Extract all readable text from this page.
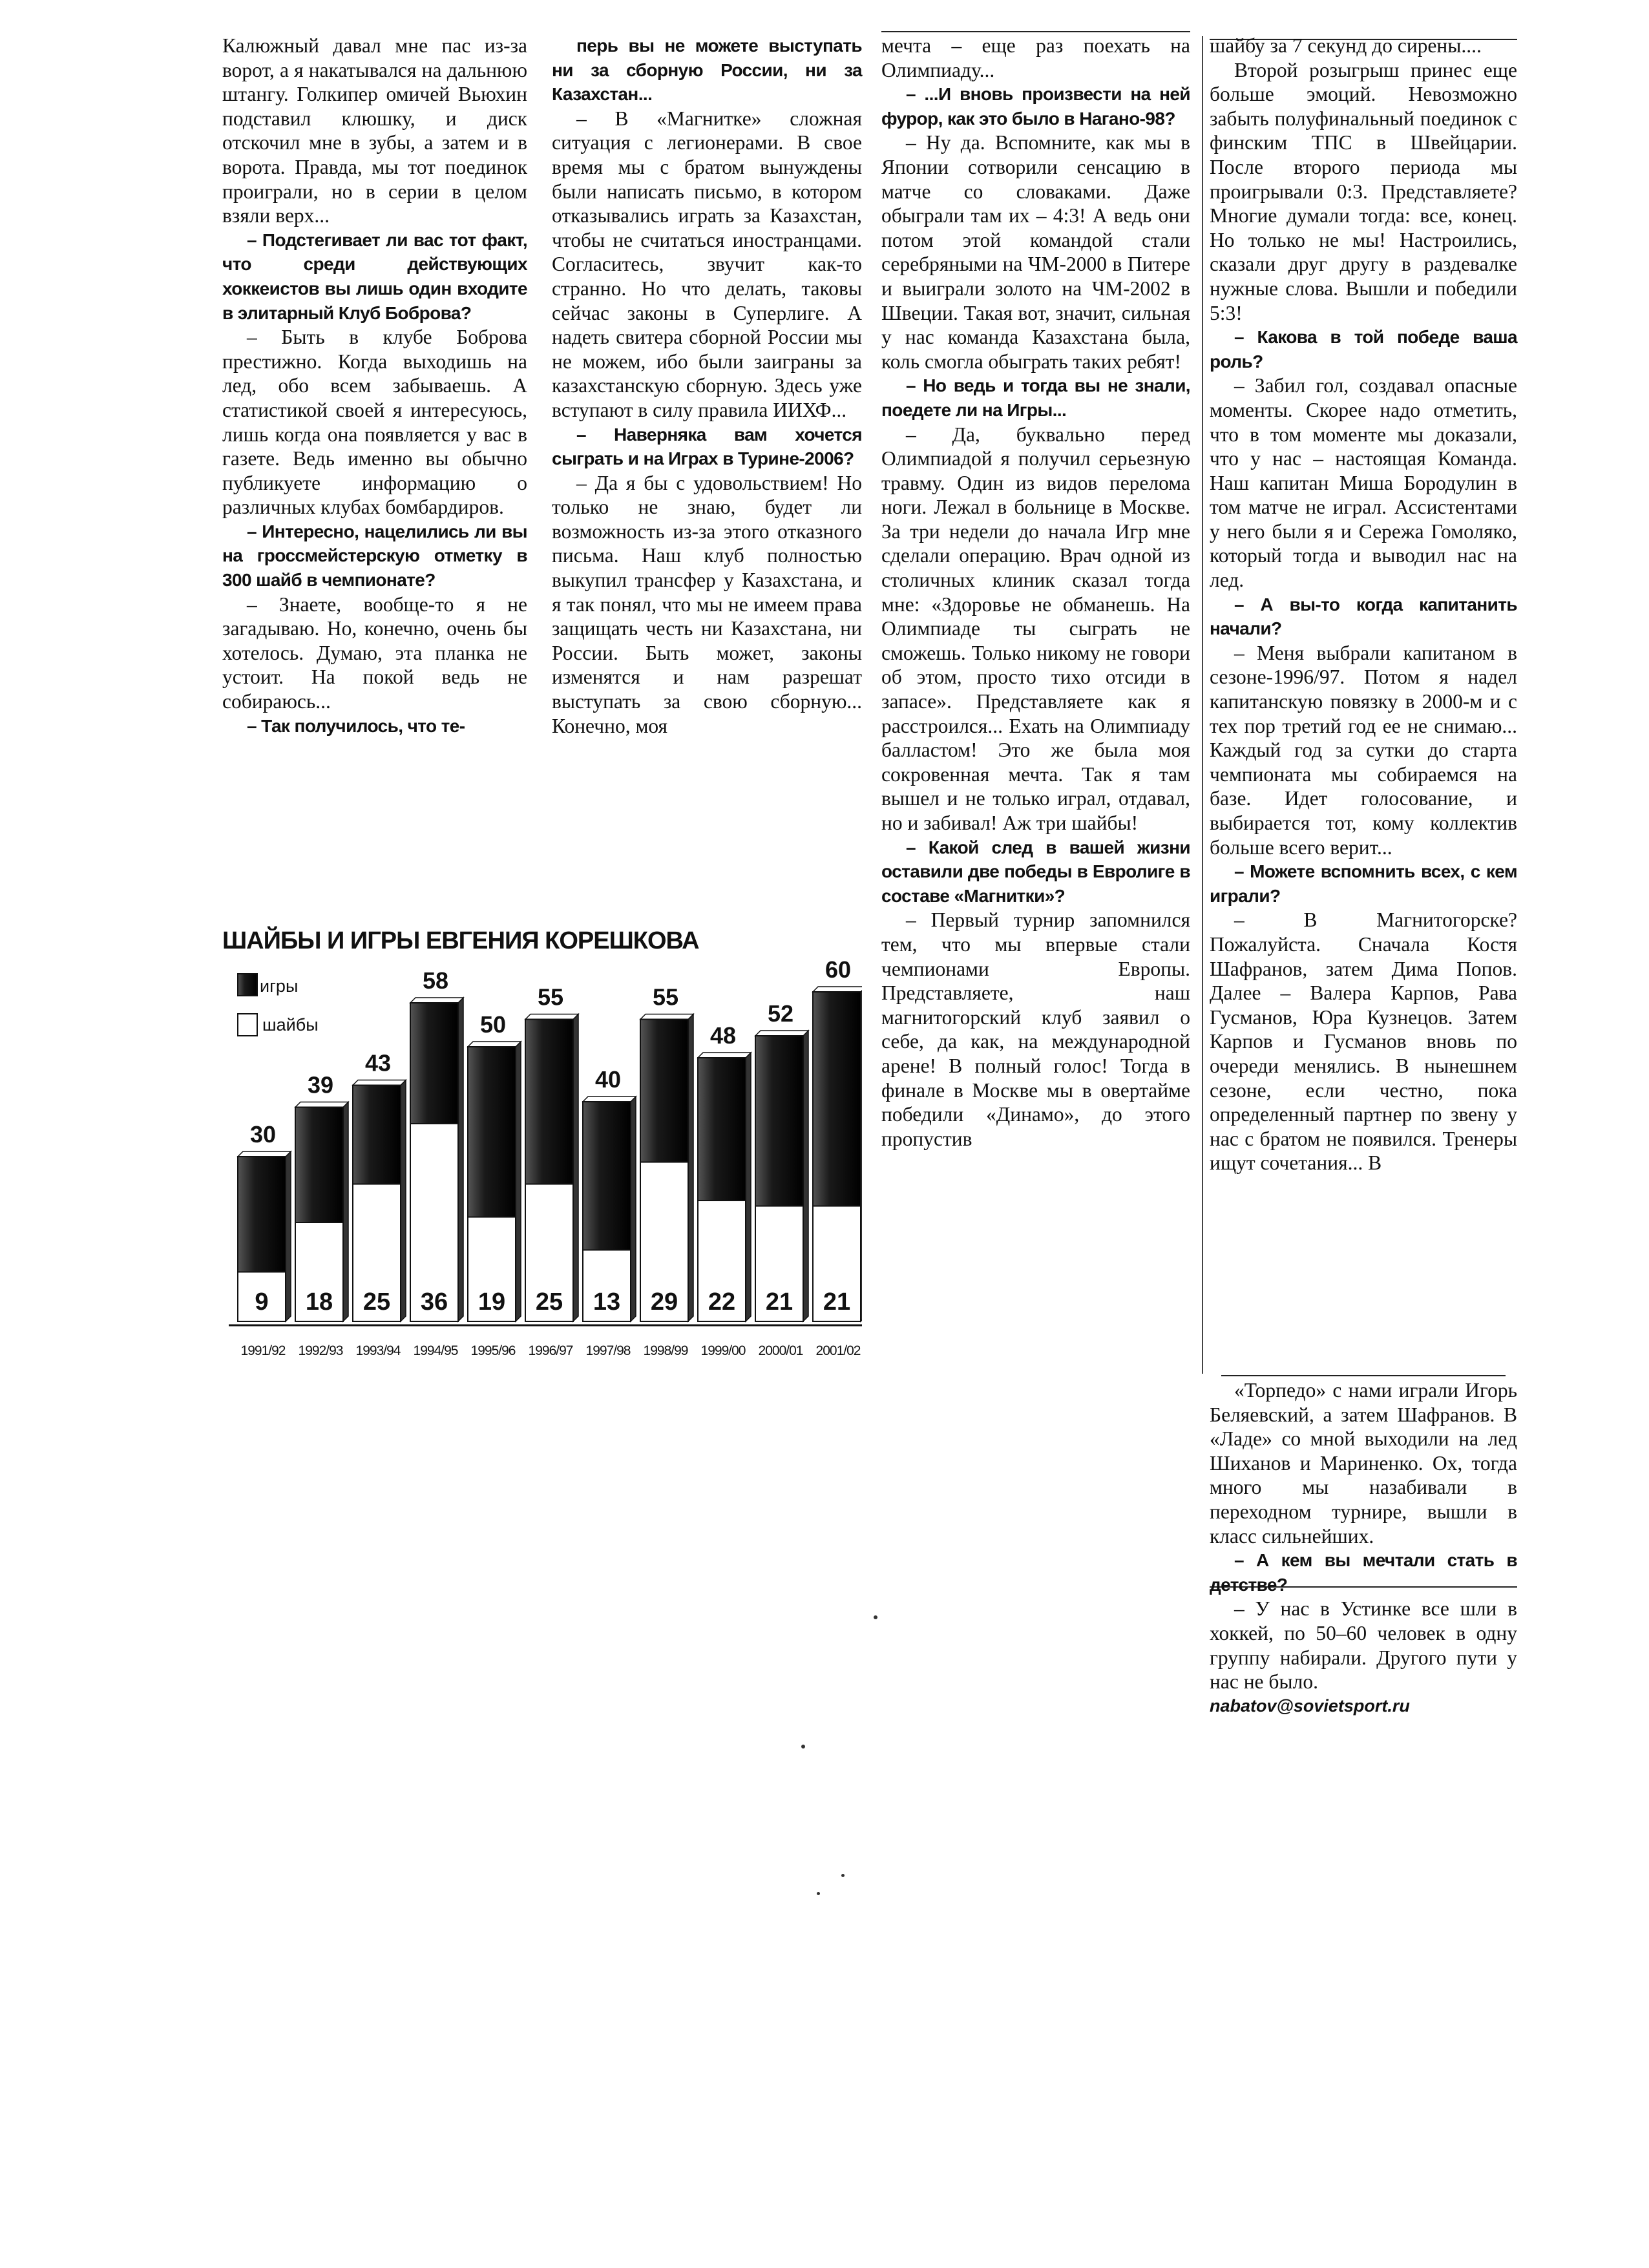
Калюжный давал мне пас из-за ворот, а я накатывался на дальнюю штангу. Голкипер омичей Вьюхин подставил клюшку, и диск отскочил мне в зубы, а затем и в ворота. Правда, мы тот поединок проиграли, но в серии в целом взяли верх...

– Подстегивает ли вас тот факт, что среди действующих хоккеистов вы лишь один входите в элитарный Клуб Боброва?

– Быть в клубе Боброва престижно. Когда выходишь на лед, обо всем забываешь. А статистикой своей я интересуюсь, лишь когда она появляется у вас в газете. Ведь именно вы обычно публикуете информацию о различных клубах бомбардиров.

– Интересно, нацелились ли вы на гроссмейстерскую отметку в 300 шайб в чемпионате?

– Знаете, вообще-то я не загадываю. Но, конечно, очень бы хотелось. Думаю, эта планка не устоит. На покой ведь не собираюсь...

– Так получилось, что те-

перь вы не можете выступать ни за сборную России, ни за Казахстан...

– В «Магнитке» сложная ситуация с легионерами. В свое время мы с братом вынуждены были написать письмо, в котором отказывались играть за Казахстан, чтобы не считаться иностранцами. Согласитесь, звучит как-то странно. Но что делать, таковы сейчас законы в Суперлиге. А надеть свитера сборной России мы не можем, ибо были заиграны за казахстанскую сборную. Здесь уже вступают в силу правила ИИХФ...

– Наверняка вам хочется сыграть и на Играх в Турине-2006?

– Да я бы с удовольствием! Но только не знаю, будет ли возможность из-за этого отказного письма. Наш клуб полностью выкупил трансфер у Казахстана, и я так понял, что мы не имеем права защищать честь ни Казахстана, ни России. Быть может, законы изменятся и нам разрешат выступать за свою сборную... Конечно, моя

мечта – еще раз поехать на Олимпиаду...

– ...И вновь произвести на ней фурор, как это было в Нагано-98?

– Ну да. Вспомните, как мы в Японии сотворили сенсацию в матче со словаками. Даже обыграли там их – 4:3! А ведь они потом этой командой стали серебряными на ЧМ-2000 в Питере и выиграли золото на ЧМ-2002 в Швеции. Такая вот, значит, сильная у нас команда Казахстана была, коль смогла обыграть таких ребят!

– Но ведь и тогда вы не знали, поедете ли на Игры...

– Да, буквально перед Олимпиадой я получил серьезную травму. Один из видов перелома ноги. Лежал в больнице в Москве. За три недели до начала Игр мне сделали операцию. Врач одной из столичных клиник сказал тогда мне: «Здоровье не обманешь. На Олимпиаде ты сыграть не сможешь. Только никому не говори об этом, просто тихо отсиди в запасе». Представляете как я расстроился... Ехать на Олимпиаду балластом! Это же была моя сокровенная мечта. Так я там вышел и не только играл, отдавал, но и забивал! Аж три шайбы!

– Какой след в вашей жизни оставили две победы в Евролиге в составе «Магнитки»?

– Первый турнир запомнился тем, что мы впервые стали чемпионами Европы. Представляете, наш магнитогорский клуб заявил о себе, да как, на международной арене! В полный голос! Тогда в финале в Москве мы в овертайме победили «Динамо», до этого пропустив

шайбу за 7 секунд до сирены....

Второй розыгрыш принес еще больше эмоций. Невозможно забыть полуфинальный поединок с финским ТПС в Швейцарии. После второго периода мы проигрывали 0:3. Представляете? Многие думали тогда: все, конец. Но только не мы! Настроились, сказали друг другу в раздевалке нужные слова. Вышли и победили 5:3!

– Какова в той победе ваша роль?

– Забил гол, создавал опасные моменты. Скорее надо отметить, что в том моменте мы доказали, что у нас – настоящая Команда. Наш капитан Миша Бородулин в том матче не играл. Ассистентами у него были я и Сережа Гомоляко, который тогда и выводил нас на лед.

– А вы-то когда капитанить начали?

– Меня выбрали капитаном в сезоне-1996/97. Потом я надел капитанскую повязку в 2000-м и с тех пор третий год ее не снимаю... Каждый год за сутки до старта чемпионата мы собираемся на базе. Идет голосование, и выбирается тот, кому коллектив больше всего верит...

– Можете вспомнить всех, с кем играли?

– В Магнитогорске? Пожалуйста. Сначала Костя Шафранов, затем Дима Попов. Далее – Валера Карпов, Рава Гусманов, Юра Кузнецов. Затем Карпов и Гусманов вновь по очереди менялись. В нынешнем сезоне, если честно, пока определенный партнер по звену у нас с братом не появился. Тренеры ищут сочетания... В

«Торпедо» с нами играли Игорь Беляевский, а затем Шафранов. В «Ладе» со мной выходили на лед Шиханов и Мариненко. Ох, тогда много мы назабивали в переходном турнире, вышли в класс сильнейших.

– А кем вы мечтали стать в детстве?

– У нас в Устинке все шли в хоккей, по 50–60 человек в одну группу набирали. Другого пути у нас не было.

nabatov@sovietsport.ru

ШАЙБЫ И ИГРЫ ЕВГЕНИЯ КОРЕШКОВА
игры
шайбы
30
9
1991/92
39
18
1992/93
43
25
1993/94
58
36
1994/95
50
19
1995/96
55
25
1996/97
40
13
1997/98
55
29
1998/99
48
22
1999/00
52
21
2000/01
60
21
2001/02
